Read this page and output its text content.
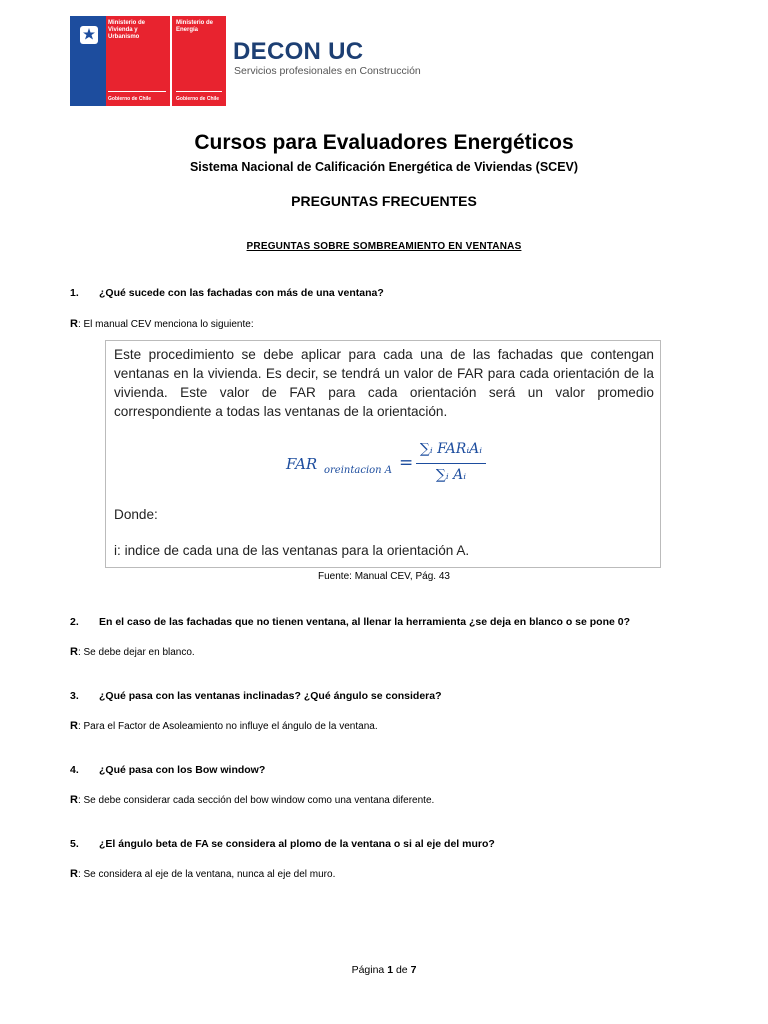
Ministerio de Vivienda y Urbanismo
Gobierno de Chile
Ministerio de Energía
Gobierno de Chile
DECON UC
Servicios profesionales en Construcción
Cursos para Evaluadores Energéticos
Sistema Nacional de Calificación Energética de Viviendas (SCEV)
PREGUNTAS FRECUENTES
PREGUNTAS SOBRE SOMBREAMIENTO EN VENTANAS
1. ¿Qué sucede con las fachadas con más de una ventana?
R: El manual CEV menciona lo siguiente:

Este procedimiento se debe aplicar para cada una de las fachadas que contengan ventanas en la vivienda. Es decir, se tendrá un valor de FAR para cada orientación de la vivienda. Este valor de FAR para cada orientación será un valor promedio correspondiente a todas las ventanas de la orientación.

FAR oreintacion A =
∑ᵢ FARᵢAᵢ
∑ᵢ Aᵢ
Donde:
i: indice de cada una de las ventanas para la orientación A.
Fuente: Manual CEV, Pág. 43
2. En el caso de las fachadas que no tienen ventana, al llenar la herramienta ¿se deja en blanco o se pone 0?
R: Se debe dejar en blanco.
3. ¿Qué pasa con las ventanas inclinadas? ¿Qué ángulo se considera?
R: Para el Factor de Asoleamiento no influye el ángulo de la ventana.
4. ¿Qué pasa con los Bow window?
R: Se debe considerar cada sección del bow window como una ventana diferente.
5. ¿El ángulo beta de FA se considera al plomo de la ventana o si al eje del muro?
R: Se considera al eje de la ventana, nunca al eje del muro.
Página 1 de 7
